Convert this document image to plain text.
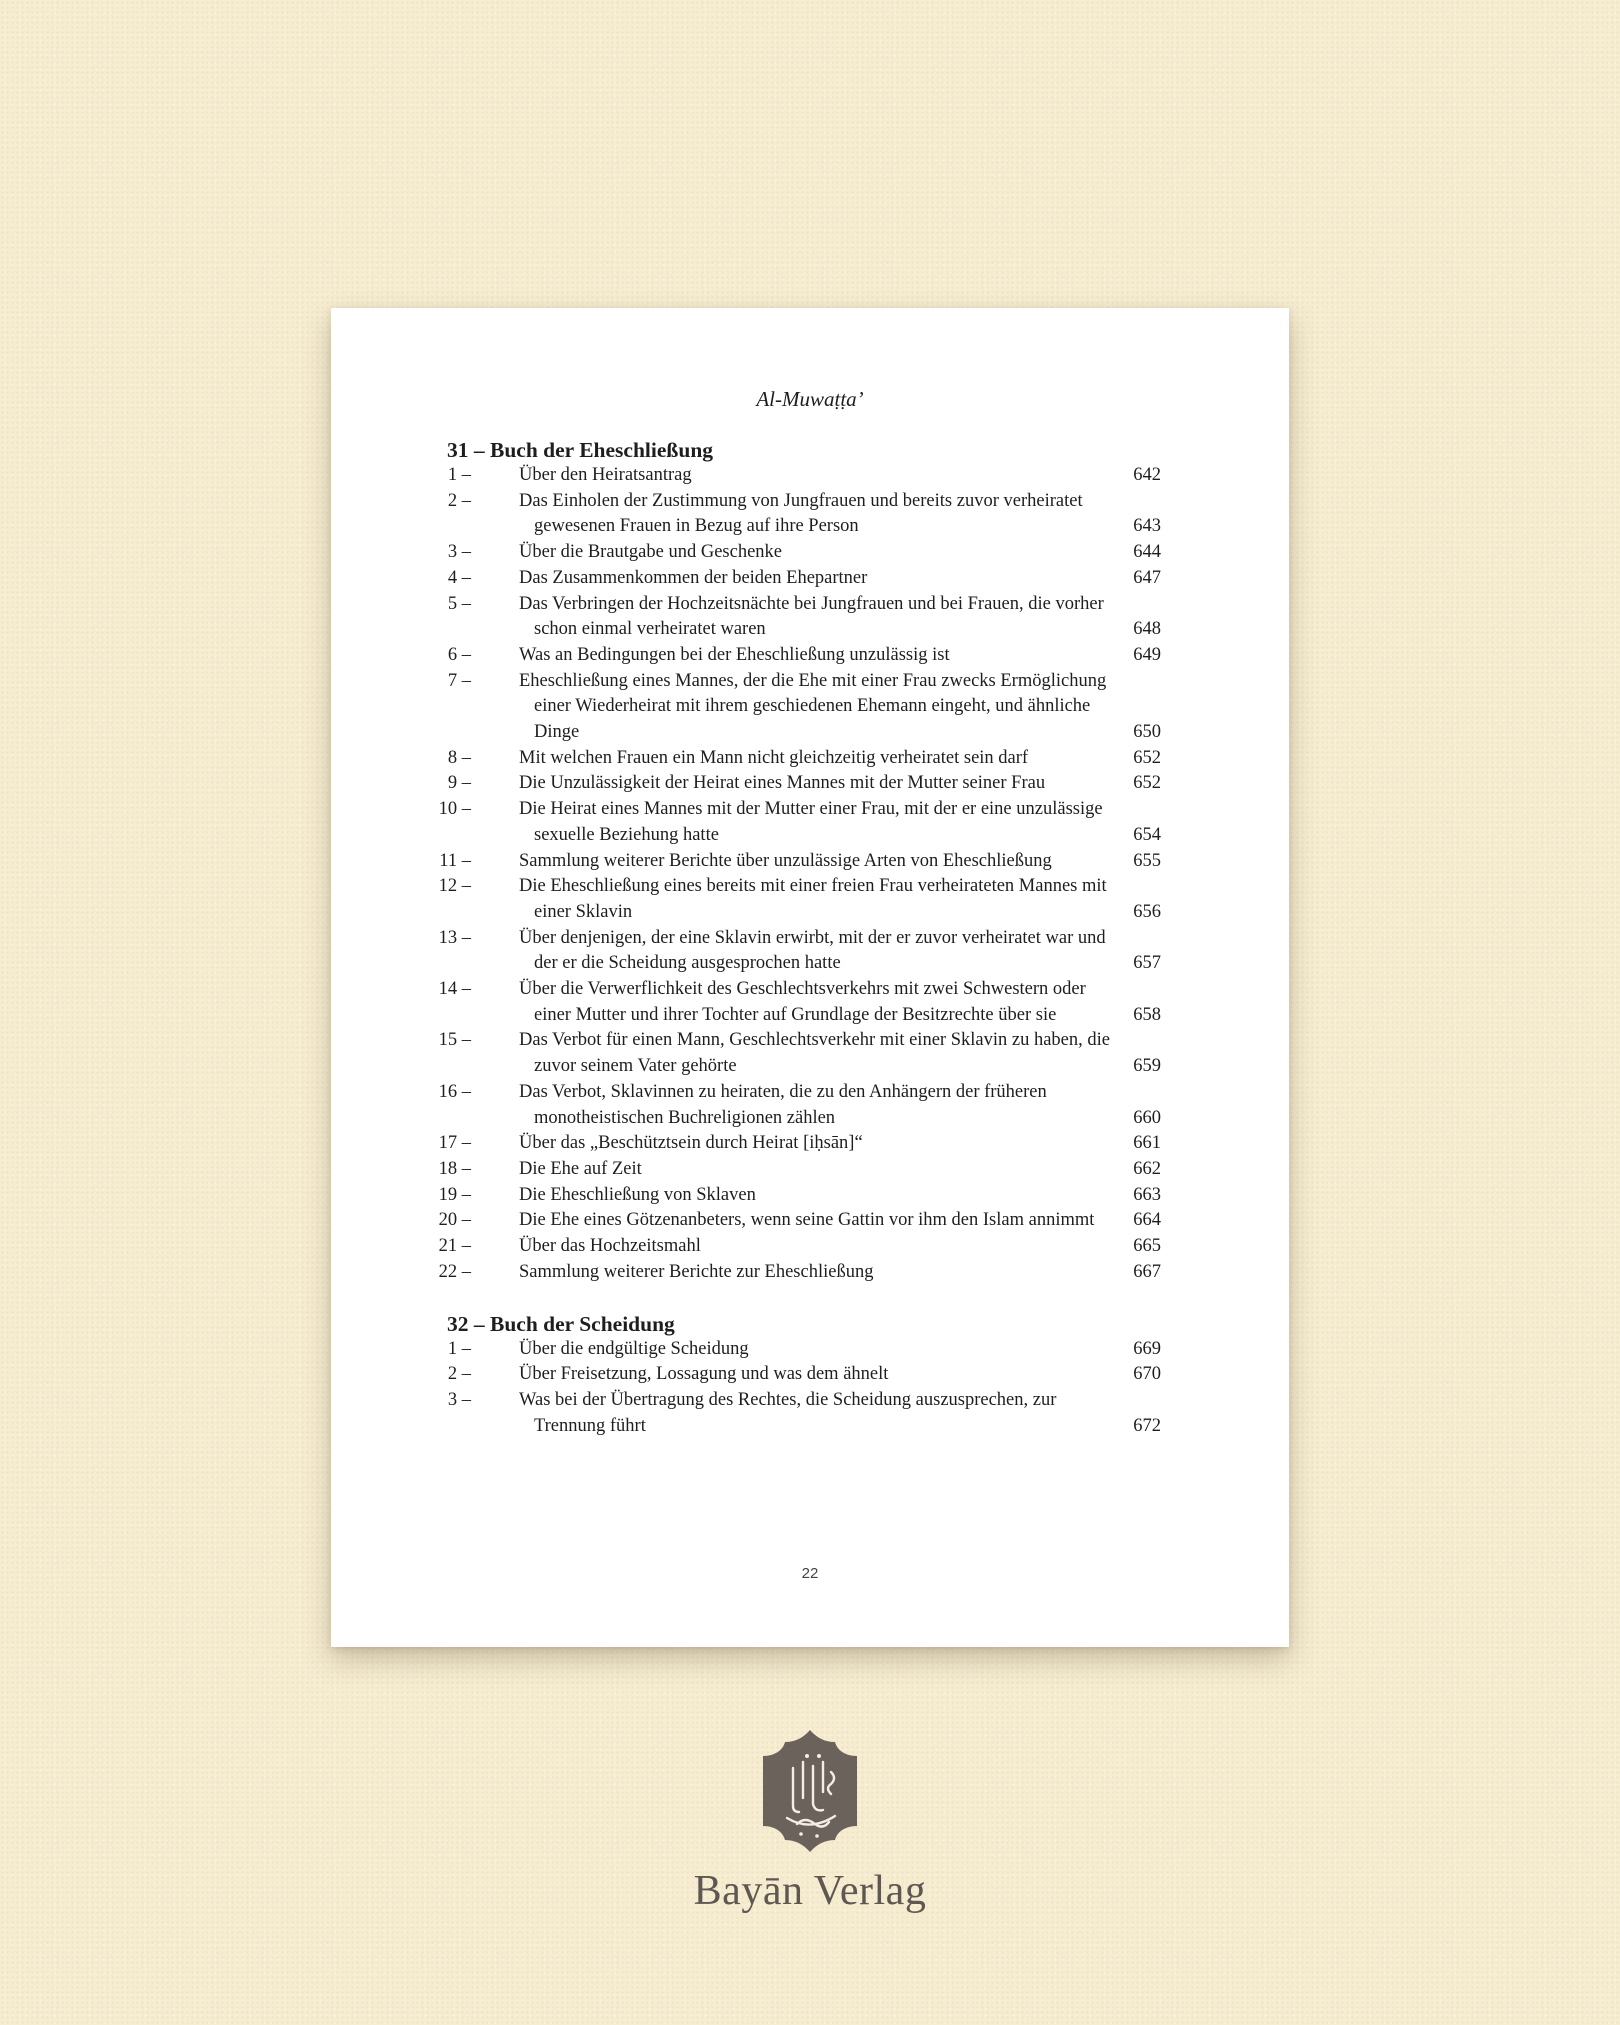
Al-Muwaṭṭa’
31 – Buch der Eheschließung
1 –	Über den Heiratsantrag	642
2 –	Das Einholen der Zustimmung von Jungfrauen und bereits zuvor verheiratet gewesenen Frauen in Bezug auf ihre Person	643
3 –	Über die Brautgabe und Geschenke	644
4 –	Das Zusammenkommen der beiden Ehepartner	647
5 –	Das Verbringen der Hochzeitsnächte bei Jungfrauen und bei Frauen, die vorher schon einmal verheiratet waren	648
6 –	Was an Bedingungen bei der Eheschließung unzulässig ist	649
7 –	Eheschließung eines Mannes, der die Ehe mit einer Frau zwecks Ermöglichung einer Wiederheirat mit ihrem geschiedenen Ehemann eingeht, und ähnliche Dinge	650
8 –	Mit welchen Frauen ein Mann nicht gleichzeitig verheiratet sein darf	652
9 –	Die Unzulässigkeit der Heirat eines Mannes mit der Mutter seiner Frau	652
10 –	Die Heirat eines Mannes mit der Mutter einer Frau, mit der er eine unzulässige sexuelle Beziehung hatte	654
11 –	Sammlung weiterer Berichte über unzulässige Arten von Eheschließung	655
12 –	Die Eheschließung eines bereits mit einer freien Frau verheirateten Mannes mit einer Sklavin	656
13 –	Über denjenigen, der eine Sklavin erwirbt, mit der er zuvor verheiratet war und der er die Scheidung ausgesprochen hatte	657
14 –	Über die Verwerflichkeit des Geschlechtsverkehrs mit zwei Schwestern oder einer Mutter und ihrer Tochter auf Grundlage der Besitzrechte über sie	658
15 –	Das Verbot für einen Mann, Geschlechtsverkehr mit einer Sklavin zu haben, die zuvor seinem Vater gehörte	659
16 –	Das Verbot, Sklavinnen zu heiraten, die zu den Anhängern der früheren monotheistischen Buchreligionen zählen	660
17 –	Über das „Beschütztsein durch Heirat [iḥsān]“	661
18 –	Die Ehe auf Zeit	662
19 –	Die Eheschließung von Sklaven	663
20 –	Die Ehe eines Götzenanbeters, wenn seine Gattin vor ihm den Islam annimmt	664
21 –	Über das Hochzeitsmahl	665
22 –	Sammlung weiterer Berichte zur Eheschließung	667
32 – Buch der Scheidung
1 –	Über die endgültige Scheidung	669
2 –	Über Freisetzung, Lossagung und was dem ähnelt	670
3 –	Was bei der Übertragung des Rechtes, die Scheidung auszusprechen, zur Trennung führt	672
22
Bayān Verlag
